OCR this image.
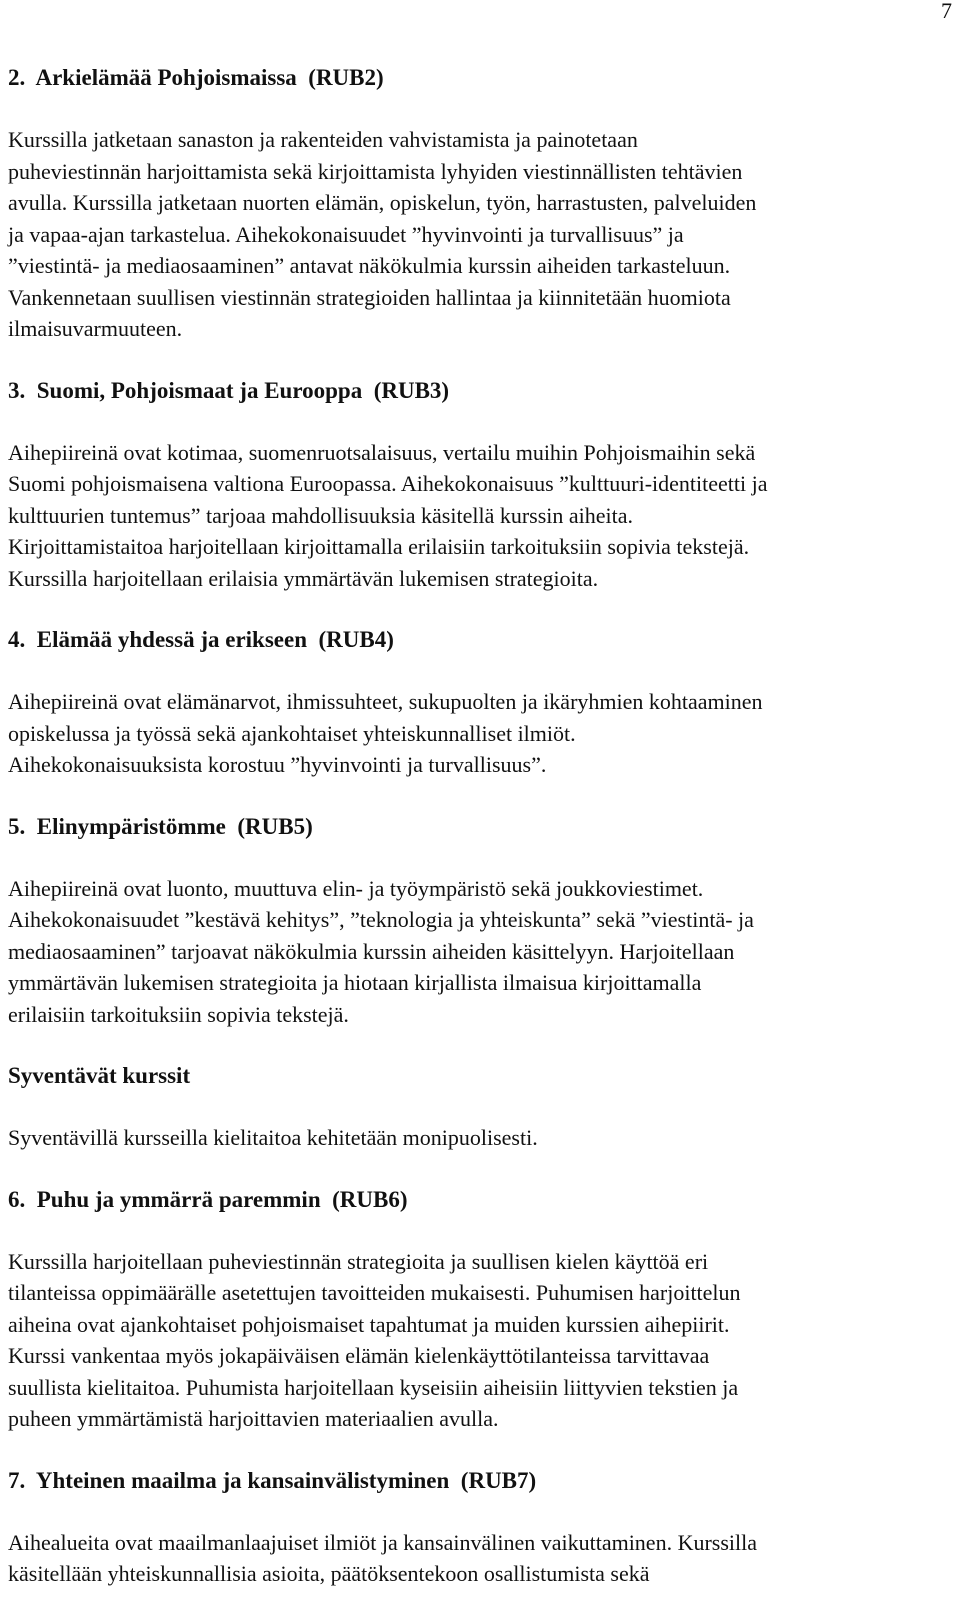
7
2.  Arkielämää Pohjoismaissa  (RUB2)
Kurssilla jatketaan sanaston ja rakenteiden vahvistamista ja painotetaan
puheviestinnän harjoittamista sekä kirjoittamista lyhyiden viestinnällisten tehtävien
avulla. Kurssilla jatketaan nuorten elämän, opiskelun, työn, harrastusten, palveluiden
ja vapaa-ajan tarkastelua. Aihekokonaisuudet ”hyvinvointi ja turvallisuus” ja
”viestintä- ja mediaosaaminen” antavat näkökulmia kurssin aiheiden tarkasteluun.
Vankennetaan suullisen viestinnän strategioiden hallintaa ja kiinnitetään huomiota
ilmaisuvarmuuteen.
3.  Suomi, Pohjoismaat ja Eurooppa  (RUB3)
Aihepiireinä ovat kotimaa, suomenruotsalaisuus, vertailu muihin Pohjoismaihin sekä
Suomi pohjoismaisena valtiona Euroopassa. Aihekokonaisuus ”kulttuuri-identiteetti ja
kulttuurien tuntemus” tarjoaa mahdollisuuksia käsitellä kurssin aiheita.
Kirjoittamistaitoa harjoitellaan kirjoittamalla erilaisiin tarkoituksiin sopivia tekstejä.
Kurssilla harjoitellaan erilaisia ymmärtävän lukemisen strategioita.
4.  Elämää yhdessä ja erikseen  (RUB4)
Aihepiireinä ovat elämänarvot, ihmissuhteet, sukupuolten ja ikäryhmien kohtaaminen
opiskelussa ja työssä sekä ajankohtaiset yhteiskunnalliset ilmiöt.
Aihekokonaisuuksista korostuu ”hyvinvointi ja turvallisuus”.
5.  Elinympäristömme  (RUB5)
Aihepiireinä ovat luonto, muuttuva elin- ja työympäristö sekä joukkoviestimet.
Aihekokonaisuudet ”kestävä kehitys”, ”teknologia ja yhteiskunta” sekä ”viestintä- ja
mediaosaaminen” tarjoavat näkökulmia kurssin aiheiden käsittelyyn. Harjoitellaan
ymmärtävän lukemisen strategioita ja hiotaan kirjallista ilmaisua kirjoittamalla
erilaisiin tarkoituksiin sopivia tekstejä.
Syventävät kurssit
Syventävillä kursseilla kielitaitoa kehitetään monipuolisesti.
6.  Puhu ja ymmärrä paremmin  (RUB6)
Kurssilla harjoitellaan puheviestinnän strategioita ja suullisen kielen käyttöä eri
tilanteissa oppimäärälle asetettujen tavoitteiden mukaisesti. Puhumisen harjoittelun
aiheina ovat ajankohtaiset pohjoismaiset tapahtumat ja muiden kurssien aihepiirit.
Kurssi vankentaa myös jokapäiväisen elämän kielenkäyttötilanteissa tarvittavaa
suullista kielitaitoa. Puhumista harjoitellaan kyseisiin aiheisiin liittyvien tekstien ja
puheen ymmärtämistä harjoittavien materiaalien avulla.
7.  Yhteinen maailma ja kansainvälistyminen  (RUB7)
Aihealueita ovat maailmanlaajuiset ilmiöt ja kansainvälinen vaikuttaminen. Kurssilla
käsitellään yhteiskunnallisia asioita, päätöksentekoon osallistumista sekä
